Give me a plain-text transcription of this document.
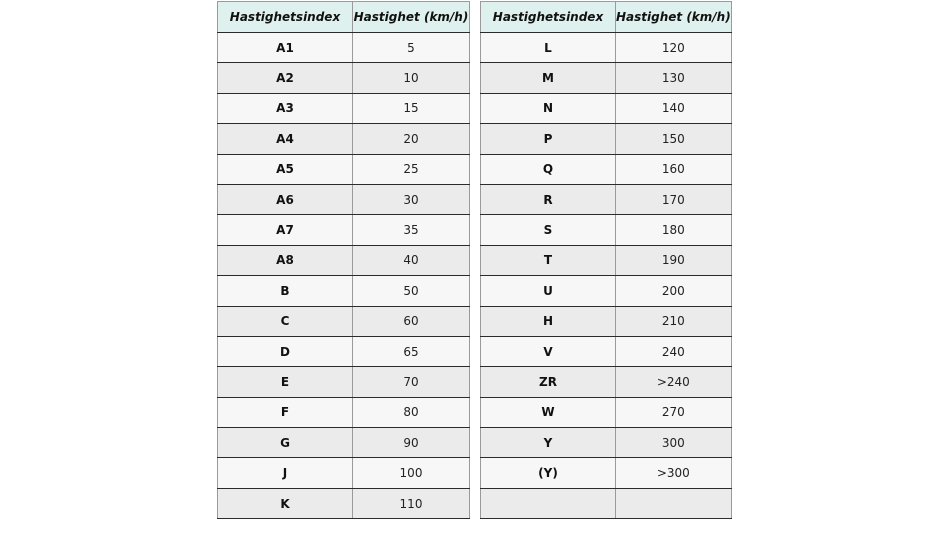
Hastighetsindex	Hastighet (km/h)
A1	5
A2	10
A3	15
A4	20
A5	25
A6	30
A7	35
A8	40
B	50
C	60
D	65
E	70
F	80
G	90
J	100
K	110
Hastighetsindex	Hastighet (km/h)
L	120
M	130
N	140
P	150
Q	160
R	170
S	180
T	190
U	200
H	210
V	240
ZR	>240
W	270
Y	300
(Y)	>300
